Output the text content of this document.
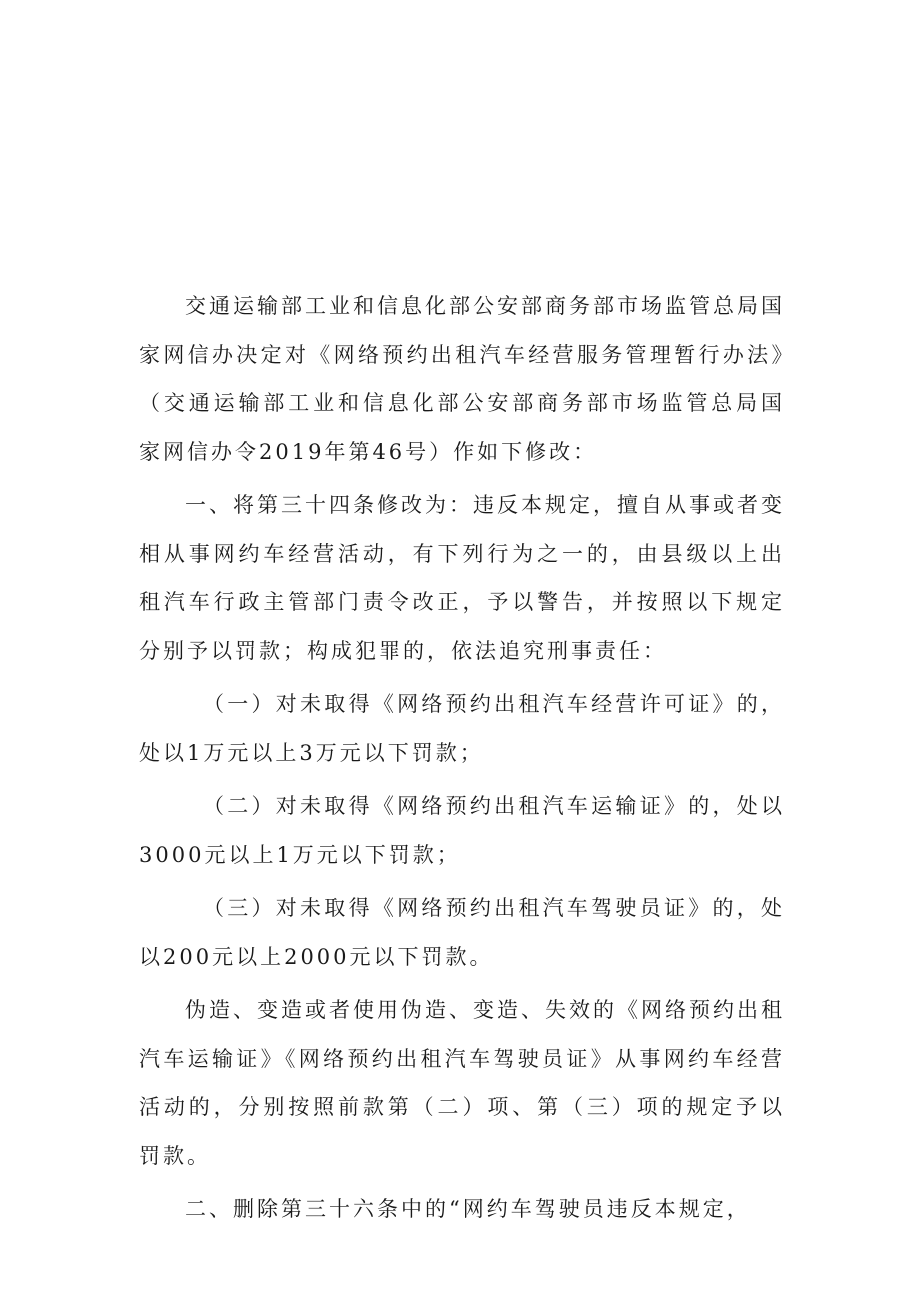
交通运输部工业和信息化部公安部商务部市场监管总局国家网信办决定对《网络预约出租汽车经营服务管理暂行办法》（交通运输部工业和信息化部公安部商务部市场监管总局国家网信办令2019年第46号）作如下修改：

一、将第三十四条修改为：违反本规定，擅自从事或者变相从事网约车经营活动，有下列行为之一的，由县级以上出租汽车行政主管部门责令改正，予以警告，并按照以下规定分别予以罚款；构成犯罪的，依法追究刑事责任：

（一）对未取得《网络预约出租汽车经营许可证》的，处以1万元以上3万元以下罚款；

（二）对未取得《网络预约出租汽车运输证》的，处以3000元以上1万元以下罚款；

（三）对未取得《网络预约出租汽车驾驶员证》的，处以200元以上2000元以下罚款。

伪造、变造或者使用伪造、变造、失效的《网络预约出租汽车运输证》《网络预约出租汽车驾驶员证》从事网约车经营活动的，分别按照前款第（二）项、第（三）项的规定予以罚款。

二、删除第三十六条中的“网约车驾驶员违反本规定，
